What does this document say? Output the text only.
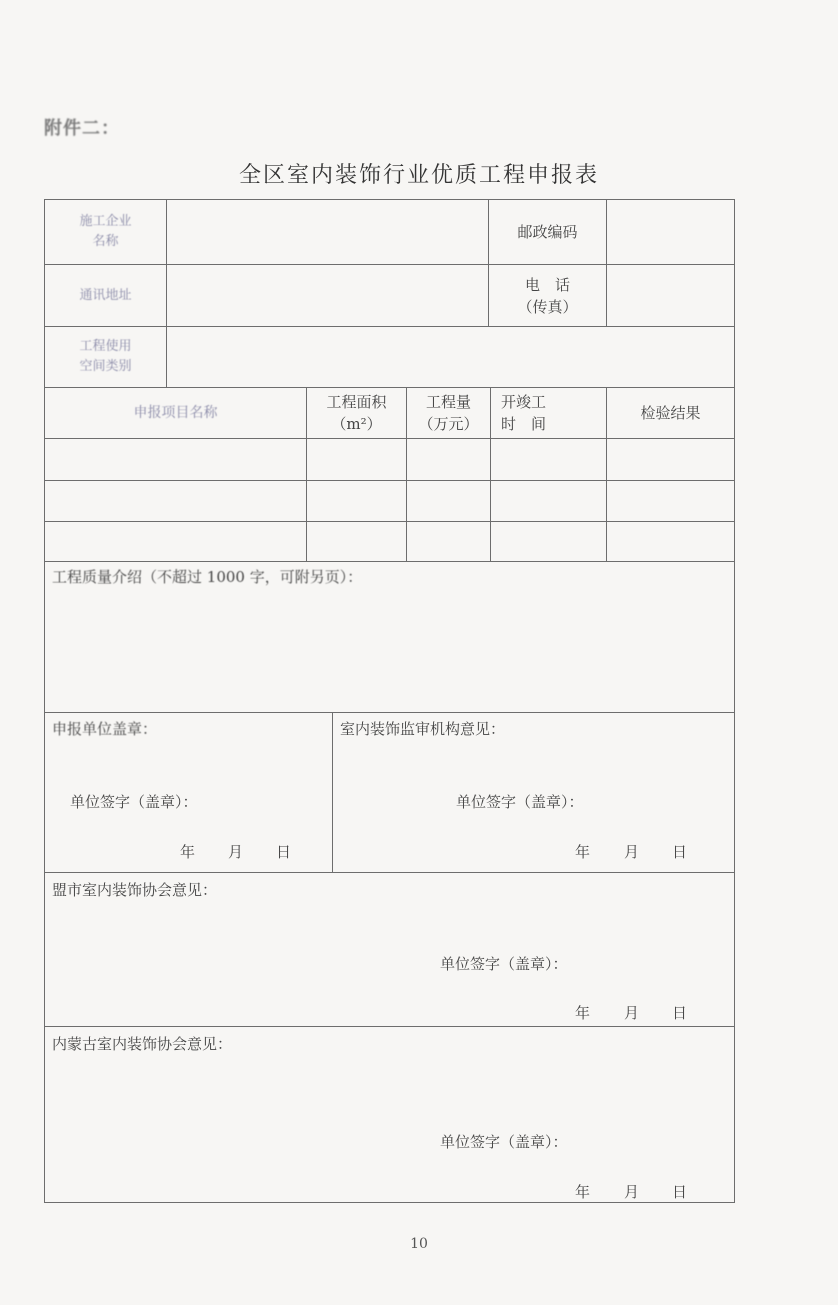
附件二：
全区室内装饰行业优质工程申报表
施工企业
名称
邮政编码
通讯地址
电　话
（传真）
工程使用
空间类别
申报项目名称
工程面积
（m²）
工程量
（万元）
开竣工
时　间
检验结果
工程质量介绍（不超过 1000 字，可附另页）：
申报单位盖章：
单位签字（盖章）：
年 月 日
室内装饰监审机构意见：
单位签字（盖章）：
年 月 日
盟市室内装饰协会意见：
单位签字（盖章）：
年 月 日
内蒙古室内装饰协会意见：
单位签字（盖章）：
年 月 日
10
